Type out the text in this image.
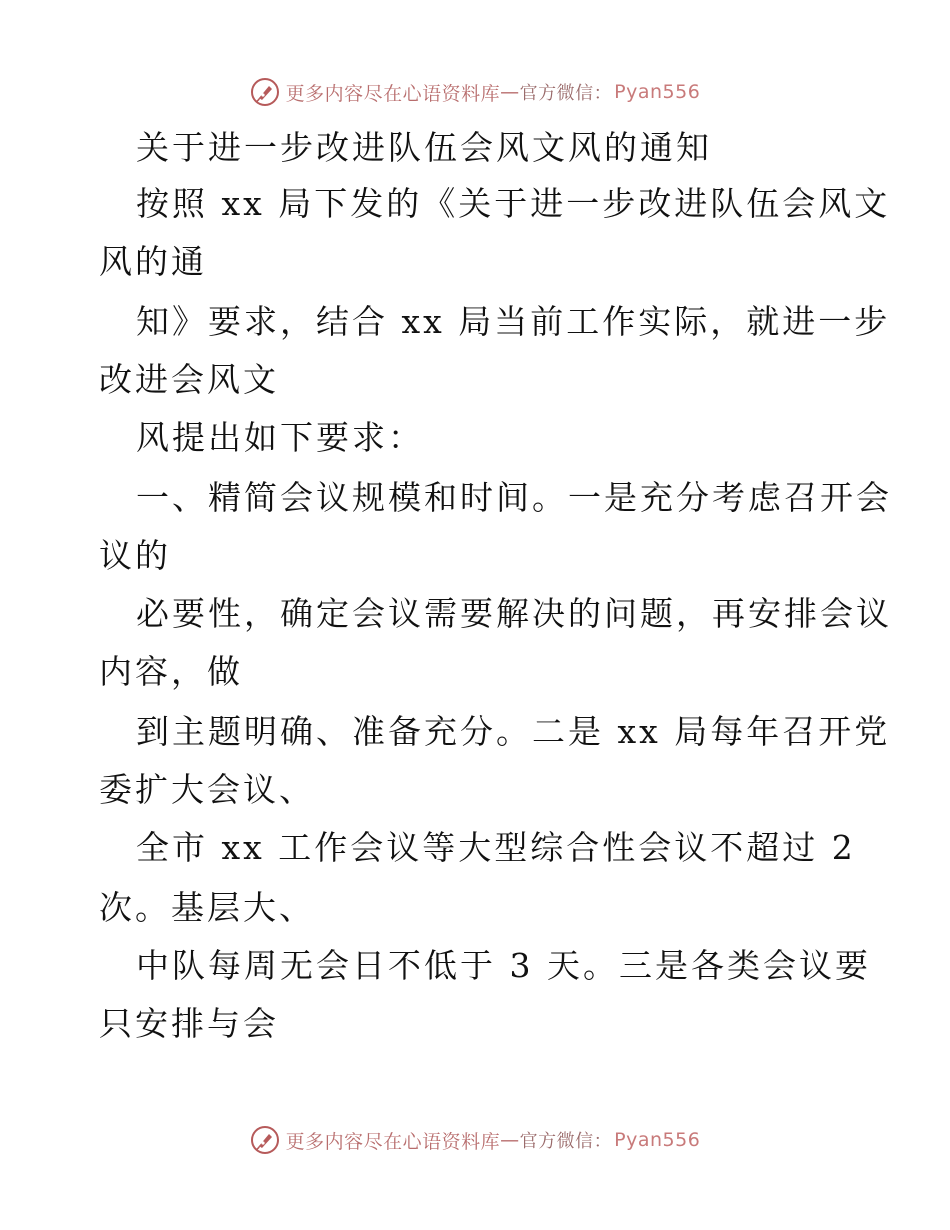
更多内容尽在心语资料库 — 官方微信： Pyan556
关于进一步改进队伍会风文风的通知
按照 xx 局下发的《关于进一步改进队伍会风文
风的通
知》要求，结合 xx 局当前工作实际，就进一步
改进会风文
风提出如下要求：
一、精简会议规模和时间。一是充分考虑召开会
议的
必要性，确定会议需要解决的问题，再安排会议
内容，做
到主题明确、准备充分。二是 xx 局每年召开党
委扩大会议、
全市 xx 工作会议等大型综合性会议不超过 2
次。基层大、
中队每周无会日不低于 3 天。三是各类会议要
只安排与会
更多内容尽在心语资料库 — 官方微信： Pyan556
